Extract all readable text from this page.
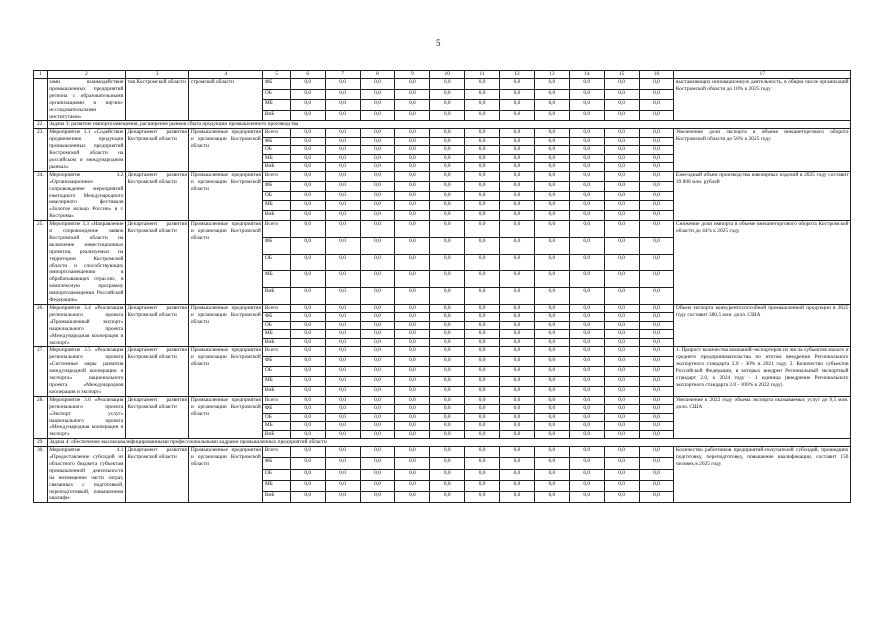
5
1	2	3	4	5	6	7	8	9	10	11	12	13	14	15	16	17
	зами взаимодействия промышленных предприятий региона с образовательными организациями и научно-исследовательскими институтами»	тия Костромской области	стромской области	ФБ	0,0	0,0	0,0	0,0	0,0	0,0	0,0	0,0	0,0	0,0	0,0	выставляющих инновационную деятельность, в общем числе организаций Костромской области до 10% к 2025 году
				ОБ	0,0	0,0	0,0	0,0	0,0	0,0	0,0	0,0	0,0	0,0	0,0	
				МБ	0,0	0,0	0,0	0,0	0,0	0,0	0,0	0,0	0,0	0,0	0,0	
				ВнБ	0,0	0,0	0,0	0,0	0,0	0,0	0,0	0,0	0,0	0,0	0,0	
22.	Задача 3: развитие импортозамещения, расширение рынков сбыта продукции промышленного производства															
23.	Мероприятие 3.1 «Содействие продвижению продукции промышленных предприятий Костромской области на российском и международном рынках»	Департамент развития Костромской области	Промышленные предприятия и организации Костромской области	Всего	0,0	0,0	0,0	0,0	0,0	0,0	0,0	0,0	0,0	0,0	0,0	Увеличение доли экспорта в объеме внешнеторгового оборота Костромской области до 56% к 2025 году
				ФБ	0,0	0,0	0,0	0,0	0,0	0,0	0,0	0,0	0,0	0,0	0,0	
				ОБ	0,0	0,0	0,0	0,0	0,0	0,0	0,0	0,0	0,0	0,0	0,0	
				МБ	0,0	0,0	0,0	0,0	0,0	0,0	0,0	0,0	0,0	0,0	0,0	
				ВнБ	0,0	0,0	0,0	0,0	0,0	0,0	0,0	0,0	0,0	0,0	0,0	
24.	Мероприятие 3.2 «Организационное сопровождение мероприятий ежегодного Международного ювелирного фестиваля «Золотое кольцо России» в г. Кострома»	Департамент развития Костромской области	Промышленные предприятия и организации Костромской области	Всего	0,0	0,0	0,0	0,0	0,0	0,0	0,0	0,0	0,0	0,0	0,0	Ежегодный объем производства ювелирных изделий в 2025 году составит 39 800 млн. рублей
				ФБ	0,0	0,0	0,0	0,0	0,0	0,0	0,0	0,0	0,0	0,0	0,0	
				ОБ	0,0	0,0	0,0	0,0	0,0	0,0	0,0	0,0	0,0	0,0	0,0	
				МБ	0,0	0,0	0,0	0,0	0,0	0,0	0,0	0,0	0,0	0,0	0,0	
				ВнБ	0,0	0,0	0,0	0,0	0,0	0,0	0,0	0,0	0,0	0,0	0,0	
25.	Мероприятие 3.3 «Направление и сопровождение заявок Костромской области на включение инвестиционных проектов, реализуемых на территории Костромской области и способствующих импортозамещению в обрабатывающих отраслях, в комплексную программу импортозамещения Российской Федерации»	Департамент развития Костромской области	Промышленные предприятия и организации Костромской области	Всего	0,0	0,0	0,0	0,0	0,0	0,0	0,0	0,0	0,0	0,0	0,0	Снижение доли импорта в объеме внешнеторгового оборота Костромской области до 44% к 2025 году
				ФБ	0,0	0,0	0,0	0,0	0,0	0,0	0,0	0,0	0,0	0,0	0,0	
				ОБ	0,0	0,0	0,0	0,0	0,0	0,0	0,0	0,0	0,0	0,0	0,0	
				МБ	0,0	0,0	0,0	0,0	0,0	0,0	0,0	0,0	0,0	0,0	0,0	
				ВнБ	0,0	0,0	0,0	0,0	0,0	0,0	0,0	0,0	0,0	0,0	0,0	
26.	Мероприятие 3.4 «Реализация регионального проекта «Промышленный экспорт» национального проекта «Международная кооперация и экспорт»	Департамент развития Костромской области	Промышленные предприятия и организации Костромской области	Всего	0,0	0,0	0,0	0,0	0,0	0,0	0,0	0,0	0,0	0,0	0,0	Объем экспорта конкурентоспособной промышленной продукции в 2025 году составит 380,5 млн. долл. США
				ФБ	0,0	0,0	0,0	0,0	0,0	0,0	0,0	0,0	0,0	0,0	0,0	
				ОБ	0,0	0,0	0,0	0,0	0,0	0,0	0,0	0,0	0,0	0,0	0,0	
				МБ	0,0	0,0	0,0	0,0	0,0	0,0	0,0	0,0	0,0	0,0	0,0	
				ВнБ	0,0	0,0	0,0	0,0	0,0	0,0	0,0	0,0	0,0	0,0	0,0	
27.	Мероприятие 3.5 «Реализация регионального проекта «Системные меры развития международной кооперации и экспорта» национального проекта «Международная кооперация и экспорт»	Департамент развития Костромской области	Промышленные предприятия и организации Костромской области	Всего	0,0	0,0	0,0	0,0	0,0	0,0	0,0	0,0	0,0	0,0	0,0	1. Прирост количества компаний-экспортеров из числа субъектов малого и среднего предпринимательства по итогам внедрения Регионального экспортного стандарта 2.0 - 30% в 2021 году. 2. Количество субъектов Российской Федерации, в которых внедрен Региональный экспортный стандарт 2.0, к 2024 году - 1 единица (внедрение Регионального экспортного стандарта 2.0 - 100% к 2022 году)
				ФБ	0,0	0,0	0,0	0,0	0,0	0,0	0,0	0,0	0,0	0,0	0,0	
				ОБ	0,0	0,0	0,0	0,0	0,0	0,0	0,0	0,0	0,0	0,0	0,0	
				МБ	0,0	0,0	0,0	0,0	0,0	0,0	0,0	0,0	0,0	0,0	0,0	
				ВнБ	0,0	0,0	0,0	0,0	0,0	0,0	0,0	0,0	0,0	0,0	0,0	
28.	Мероприятие 3.6 «Реализация регионального проекта «Экспорт услуг» национального проекта «Международная кооперация и экспорт»	Департамент развития Костромской области	Промышленные предприятия и организации Костромской области	Всего	0,0	0,0	0,0	0,0	0,0	0,0	0,0	0,0	0,0	0,0	0,0	Увеличение к 2022 году объема экспорта оказываемых услуг до 9,5 млн. долл. США
				ФБ	0,0	0,0	0,0	0,0	0,0	0,0	0,0	0,0	0,0	0,0	0,0	
				ОБ	0,0	0,0	0,0	0,0	0,0	0,0	0,0	0,0	0,0	0,0	0,0	
				МБ	0,0	0,0	0,0	0,0	0,0	0,0	0,0	0,0	0,0	0,0	0,0	
				ВнБ	0,0	0,0	0,0	0,0	0,0	0,0	0,0	0,0	0,0	0,0	0,0	
29.	Задача 4: обеспечение высококвалифицированными профессиональными кадрами промышленных предприятий области															
30.	Мероприятие 4.1 «Предоставление субсидий из областного бюджета субъектам промышленной деятельности на возмещение части затрат, связанных с подготовкой, переподготовкой, повышением квалифи-	Департамент развития Костромской области	Промышленные предприятия и организации Костромской области	Всего	0,0	0,0	0,0	0,0	0,0	0,0	0,0	0,0	0,0	0,0	0,0	Количество работников предприятий-получателей субсидий, прошедших подготовку, переподготовку, повышение квалификации, составит 150 человек в 2025 году
				ФБ	0,0	0,0	0,0	0,0	0,0	0,0	0,0	0,0	0,0	0,0	0,0	
				ОБ	0,0	0,0	0,0	0,0	0,0	0,0	0,0	0,0	0,0	0,0	0,0	
				МБ	0,0	0,0	0,0	0,0	0,0	0,0	0,0	0,0	0,0	0,0	0,0	
				ВнБ	0,0	0,0	0,0	0,0	0,0	0,0	0,0	0,0	0,0	0,0	0,0	
